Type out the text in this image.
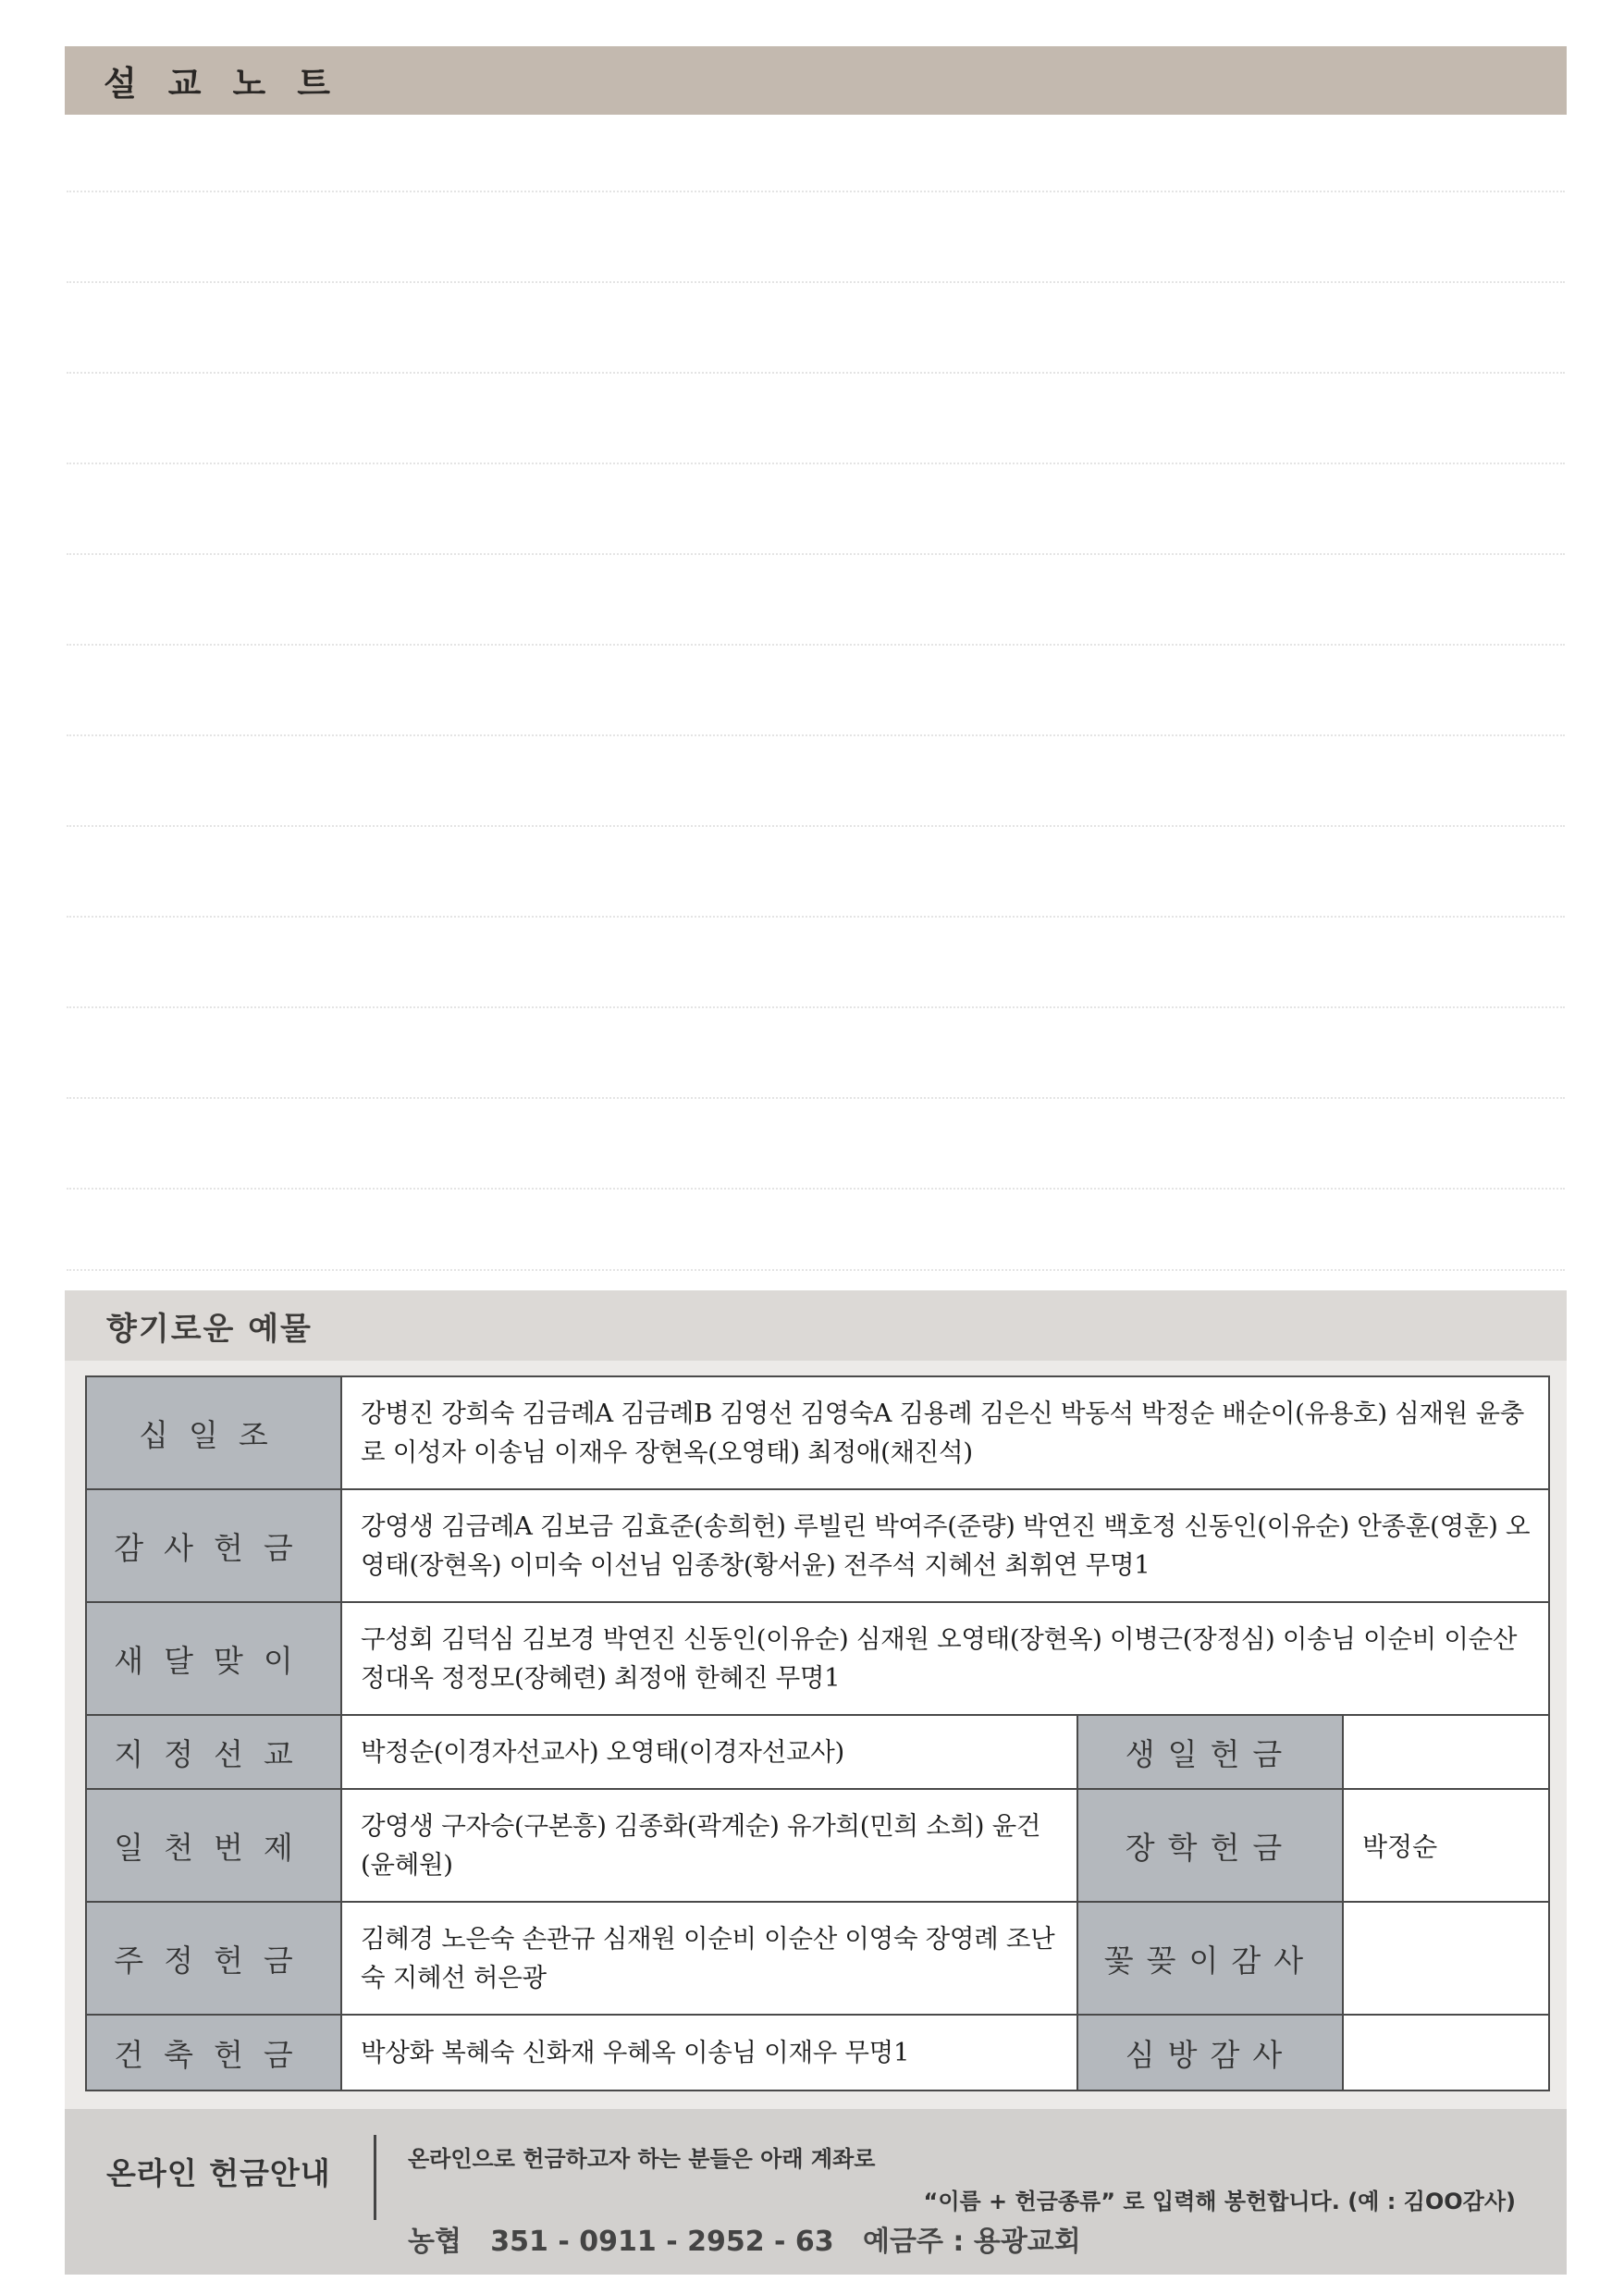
설교노트
향기로운 예물
십일조	강병진 강희숙 김금례A 김금례B 김영선 김영숙A 김용례 김은신 박동석 박정순 배순이(유용호) 심재원 윤충로 이성자 이송님 이재우 장현옥(오영태) 최정애(채진석)		
감사헌금	강영생 김금례A 김보금 김효준(송희헌) 루빌린 박여주(준량) 박연진 백호정 신동인(이유순) 안종훈(영훈) 오영태(장현옥) 이미숙 이선님 임종창(황서윤) 전주석 지혜선 최휘연 무명1		
새달맞이	구성회 김덕심 김보경 박연진 신동인(이유순) 심재원 오영태(장현옥) 이병근(장정심) 이송님 이순비 이순산 정대옥 정정모(장혜련) 최정애 한혜진 무명1		
지정선교	박정순(이경자선교사) 오영태(이경자선교사)	생일헌금	
일천번제	강영생 구자승(구본흥) 김종화(곽계순) 유가희(민희 소희) 윤건(윤혜원)	장학헌금	박정순
주정헌금	김혜경 노은숙 손관규 심재원 이순비 이순산 이영숙 장영례 조난숙 지혜선 허은광	꽃꽂이감사	
건축헌금	박상화 복혜숙 신화재 우혜옥 이송님 이재우 무명1	심방감사	
온라인 헌금안내	온라인으로 헌금하고자 하는 분들은 아래 계좌로
“이름 + 헌금종류” 로 입력해 봉헌합니다. (예 : 김OO감사)
농협   351 - 0911 - 2952 - 63   예금주 : 용광교회
